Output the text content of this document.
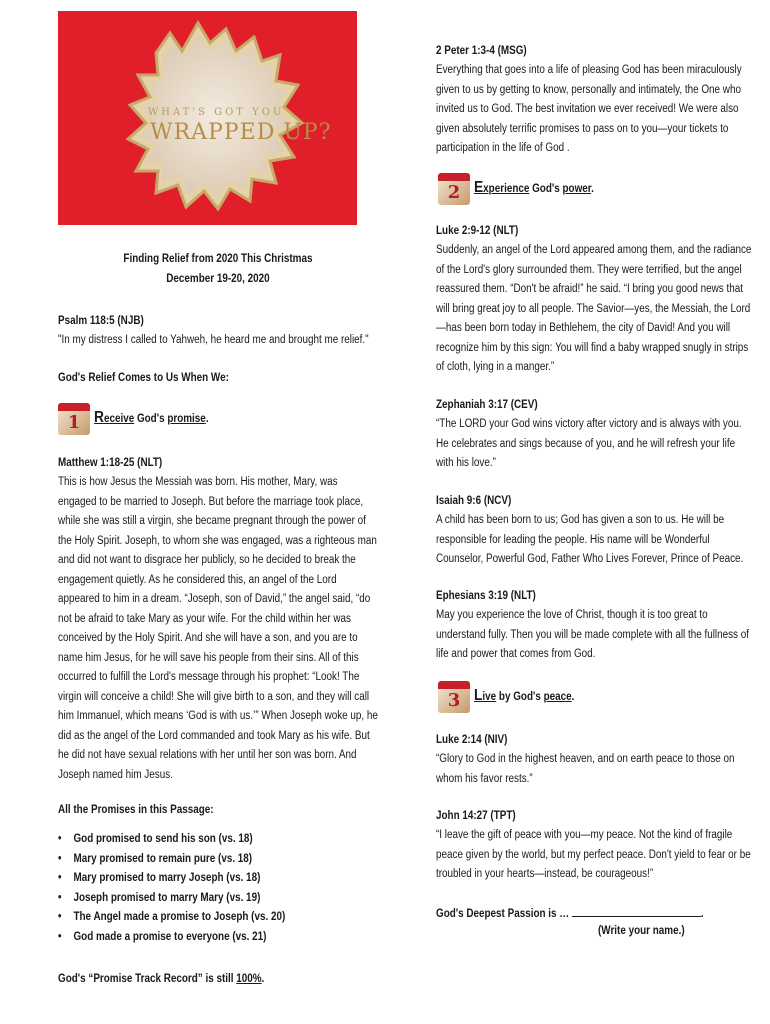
WHAT'S GOT YOU
WRAPPED UP?
Finding Relief from 2020 This Christmas
December 19-20, 2020
Psalm 118:5 (NJB)
"In my distress I called to Yahweh, he heard me and brought me relief."
God's Relief Comes to Us When We:
1 Receive God's promise.
Matthew 1:18-25 (NLT)
This is how Jesus the Messiah was born. His mother, Mary, was engaged to be married to Joseph. But before the marriage took place, while she was still a virgin, she became pregnant through the power of the Holy Spirit. Joseph, to whom she was engaged, was a righteous man and did not want to disgrace her publicly, so he decided to break the engagement quietly. As he considered this, an angel of the Lord appeared to him in a dream. “Joseph, son of David,” the angel said, “do not be afraid to take Mary as your wife. For the child within her was conceived by the Holy Spirit. And she will have a son, and you are to name him Jesus, for he will save his people from their sins. All of this occurred to fulfill the Lord's message through his prophet: “Look! The virgin will conceive a child! She will give birth to a son, and they will call him Immanuel, which means ‘God is with us.’” When Joseph woke up, he did as the angel of the Lord commanded and took Mary as his wife. But he did not have sexual relations with her until her son was born. And Joseph named him Jesus.
All the Promises in this Passage:
• God promised to send his son (vs. 18)
• Mary promised to remain pure (vs. 18)
• Mary promised to marry Joseph (vs. 18)
• Joseph promised to marry Mary (vs. 19)
• The Angel made a promise to Joseph (vs. 20)
• God made a promise to everyone (vs. 21)
God's “Promise Track Record” is still 100%.
2 Peter 1:3-4 (MSG)
Everything that goes into a life of pleasing God has been miraculously given to us by getting to know, personally and intimately, the One who invited us to God. The best invitation we ever received! We were also given absolutely terrific promises to pass on to you—your tickets to participation in the life of God .
2 Experience God's power.
Luke 2:9-12 (NLT)
Suddenly, an angel of the Lord appeared among them, and the radiance of the Lord's glory surrounded them. They were terrified, but the angel reassured them. “Don't be afraid!” he said. “I bring you good news that will bring great joy to all people. The Savior—yes, the Messiah, the Lord—has been born today in Bethlehem, the city of David! And you will recognize him by this sign: You will find a baby wrapped snugly in strips of cloth, lying in a manger.”
Zephaniah 3:17 (CEV)
“The LORD your God wins victory after victory and is always with you. He celebrates and sings because of you, and he will refresh your life with his love.”
Isaiah 9:6 (NCV)
A child has been born to us; God has given a son to us. He will be responsible for leading the people. His name will be Wonderful Counselor, Powerful God, Father Who Lives Forever, Prince of Peace.
Ephesians 3:19 (NLT)
May you experience the love of Christ, though it is too great to understand fully. Then you will be made complete with all the fullness of life and power that comes from God.
3 Live by God's peace.
Luke 2:14 (NIV)
“Glory to God in the highest heaven, and on earth peace to those on whom his favor rests.”
John 14:27 (TPT)
“I leave the gift of peace with you—my peace. Not the kind of fragile peace given by the world, but my perfect peace. Don't yield to fear or be troubled in your hearts—instead, be courageous!”
God's Deepest Passion is …	.
(Write your name.)
